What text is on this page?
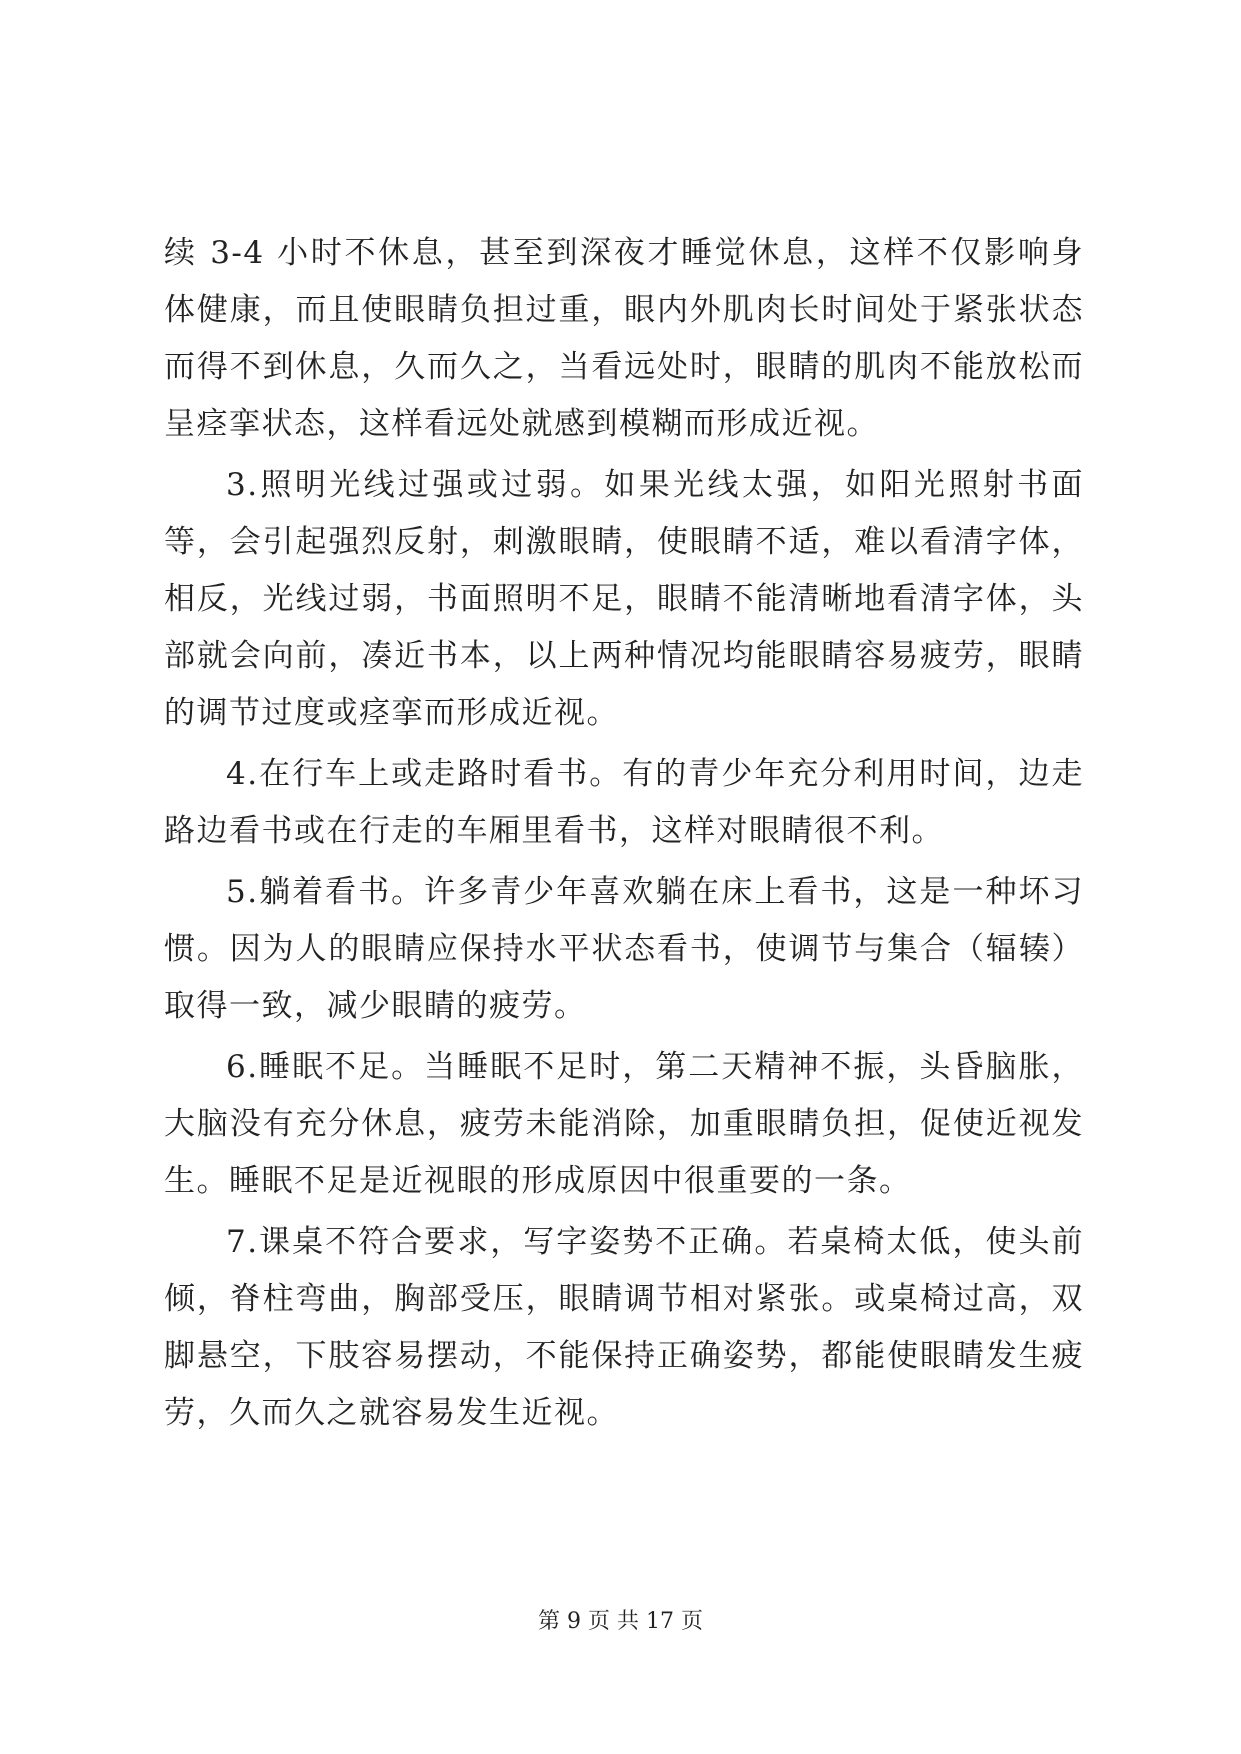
续 3-4 小时不休息，甚至到深夜才睡觉休息，这样不仅影响身体健康，而且使眼睛负担过重，眼内外肌肉长时间处于紧张状态而得不到休息，久而久之，当看远处时，眼睛的肌肉不能放松而呈痉挛状态，这样看远处就感到模糊而形成近视。

3.照明光线过强或过弱。如果光线太强，如阳光照射书面等，会引起强烈反射，刺激眼睛，使眼睛不适，难以看清字体，相反，光线过弱，书面照明不足，眼睛不能清晰地看清字体，头部就会向前，凑近书本，以上两种情况均能眼睛容易疲劳，眼睛的调节过度或痉挛而形成近视。

4.在行车上或走路时看书。有的青少年充分利用时间，边走路边看书或在行走的车厢里看书，这样对眼睛很不利。

5.躺着看书。许多青少年喜欢躺在床上看书，这是一种坏习惯。因为人的眼睛应保持水平状态看书，使调节与集合（辐辏）取得一致，减少眼睛的疲劳。

6.睡眠不足。当睡眠不足时，第二天精神不振，头昏脑胀，大脑没有充分休息，疲劳未能消除，加重眼睛负担，促使近视发生。睡眠不足是近视眼的形成原因中很重要的一条。

7.课桌不符合要求，写字姿势不正确。若桌椅太低，使头前倾，脊柱弯曲，胸部受压，眼睛调节相对紧张。或桌椅过高，双脚悬空，下肢容易摆动，不能保持正确姿势，都能使眼睛发生疲劳，久而久之就容易发生近视。

第 9 页 共 17 页
